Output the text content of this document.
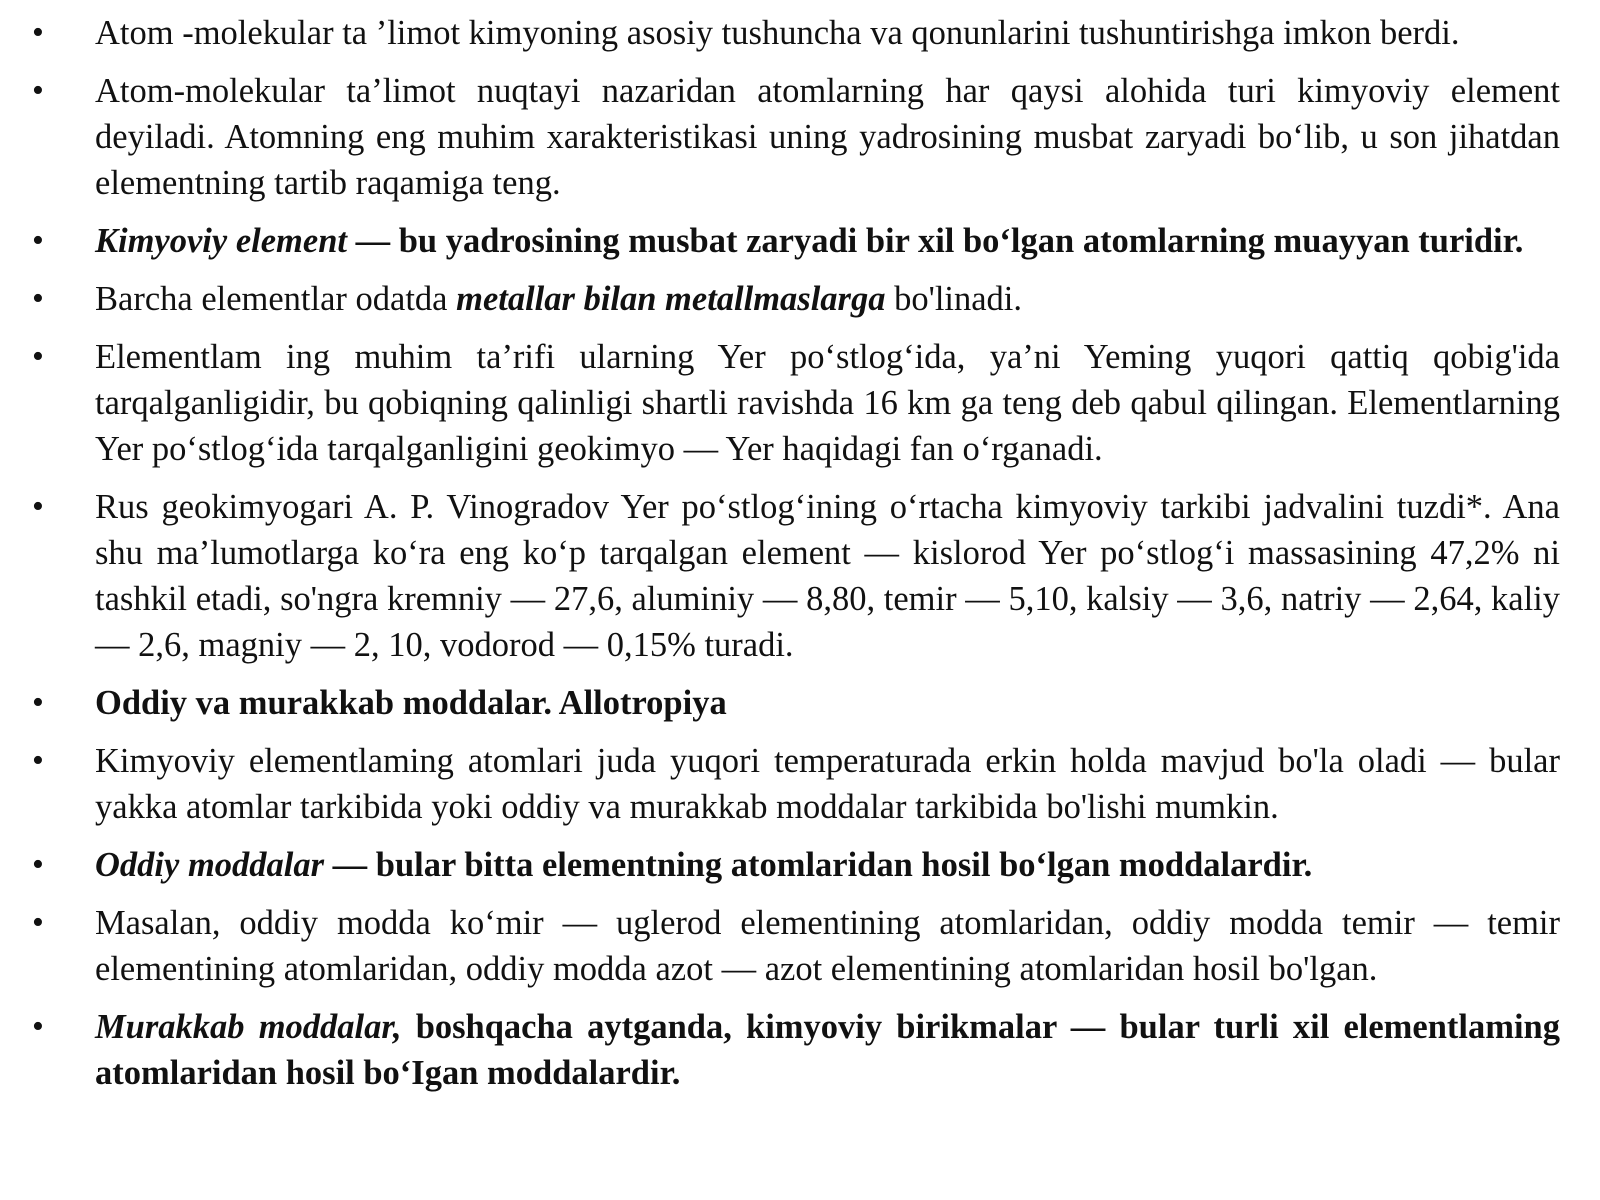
• Atom -molekular ta ’limot kimyoning asosiy tushuncha va qonunlarini tushuntirishga imkon berdi.
• Atom-molekular ta’limot nuqtayi nazaridan atomlarning har qaysi alohida turi kimyoviy element deyiladi. Atomning eng muhim xarakteristikasi uning yadrosining musbat zaryadi bo‘lib, u son jihatdan elementning tartib raqamiga teng.
• Kimyoviy element — bu yadrosining musbat zaryadi bir xil bo‘lgan atomlarning muayyan turidir.
• Barcha elementlar odatda metallar bilan metallmaslarga bo'linadi.
• Elementlam ing muhim ta’rifi ularning Yer po‘stlog‘ida, ya’ni Yeming yuqori qattiq qobig'ida tarqalganligidir, bu qobiqning qalinligi shartli ravishda 16 km ga teng deb qabul qilingan. Elementlarning Yer po‘stlog‘ida tarqalganligini geokimyo — Yer haqidagi fan o‘rganadi.
• Rus geokimyogari A. P. Vinogradov Yer po‘stlog‘ining o‘rtacha kimyoviy tarkibi jadvalini tuzdi*. Ana shu ma’lumotlarga ko‘ra eng ko‘p tarqalgan element — kislorod Yer po‘stlog‘i massasining 47,2% ni tashkil etadi, so'ngra kremniy — 27,6, aluminiy — 8,80, temir — 5,10, kalsiy — 3,6, natriy — 2,64, kaliy — 2,6, magniy — 2, 10, vodorod — 0,15% turadi.
• Oddiy va murakkab moddalar. Allotropiya
• Kimyoviy elementlaming atomlari juda yuqori temperaturada erkin holda mavjud bo'la oladi — bular yakka atomlar tarkibida yoki oddiy va murakkab moddalar tarkibida bo'lishi mumkin.
• Oddiy moddalar — bular bitta elementning atomlaridan hosil bo‘lgan moddalardir.
• Masalan, oddiy modda ko‘mir — uglerod elementining atomlaridan, oddiy modda temir — temir elementining atomlaridan, oddiy modda azot — azot elementining atomlaridan hosil bo'lgan.
• Murakkab moddalar, boshqacha aytganda, kimyoviy birikmalar — bular turli xil elementlaming atomlaridan hosil bo‘Igan moddalardir.
